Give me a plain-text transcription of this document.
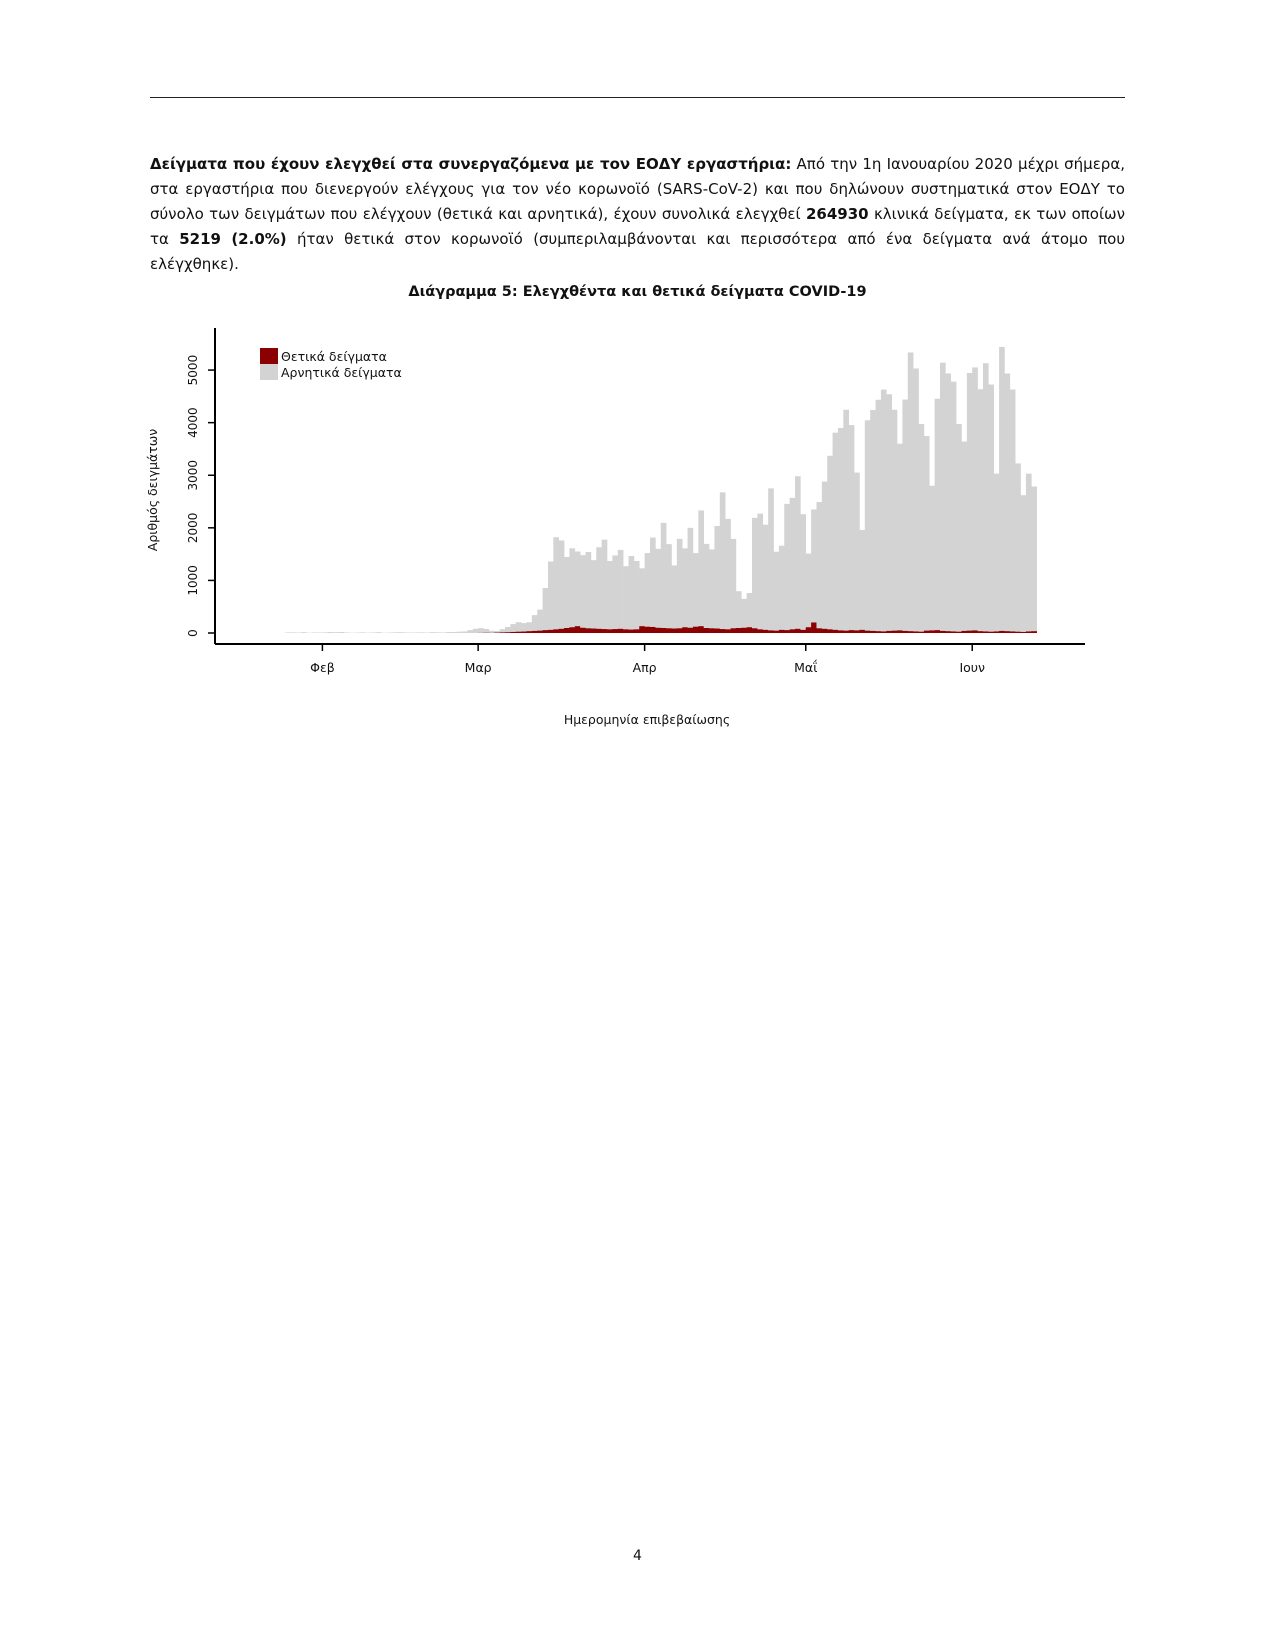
Δείγματα που έχουν ελεγχθεί στα συνεργαζόμενα με τον ΕΟΔΥ εργαστήρια: Από την 1η Ιανουαρίου 2020 μέχρι σήμερα, στα εργαστήρια που διενεργούν ελέγχους για τον νέο κορωνοϊό (SARS-CoV-2) και που δηλώνουν συστηματικά στον ΕΟΔΥ το σύνολο των δειγμάτων που ελέγχουν (θετικά και αρνητικά), έχουν συνολικά ελεγχθεί 264930 κλινικά δείγματα, εκ των οποίων τα 5219 (2.0%) ήταν θετικά στον κορωνοϊό (συμπεριλαμβάνονται και περισσότερα από ένα δείγματα ανά άτομο που ελέγχθηκε).

Διάγραμμα 5: Ελεγχθέντα και θετικά δείγματα COVID-19
0
1000
2000
3000
4000
5000
Φεβ	Μαρ	Απρ	Μαΐ	Ιουν
Αριθμός δειγμάτων
Ημερομηνία επιβεβαίωσης
Θετικά δείγματα
Αρνητικά δείγματα
4
